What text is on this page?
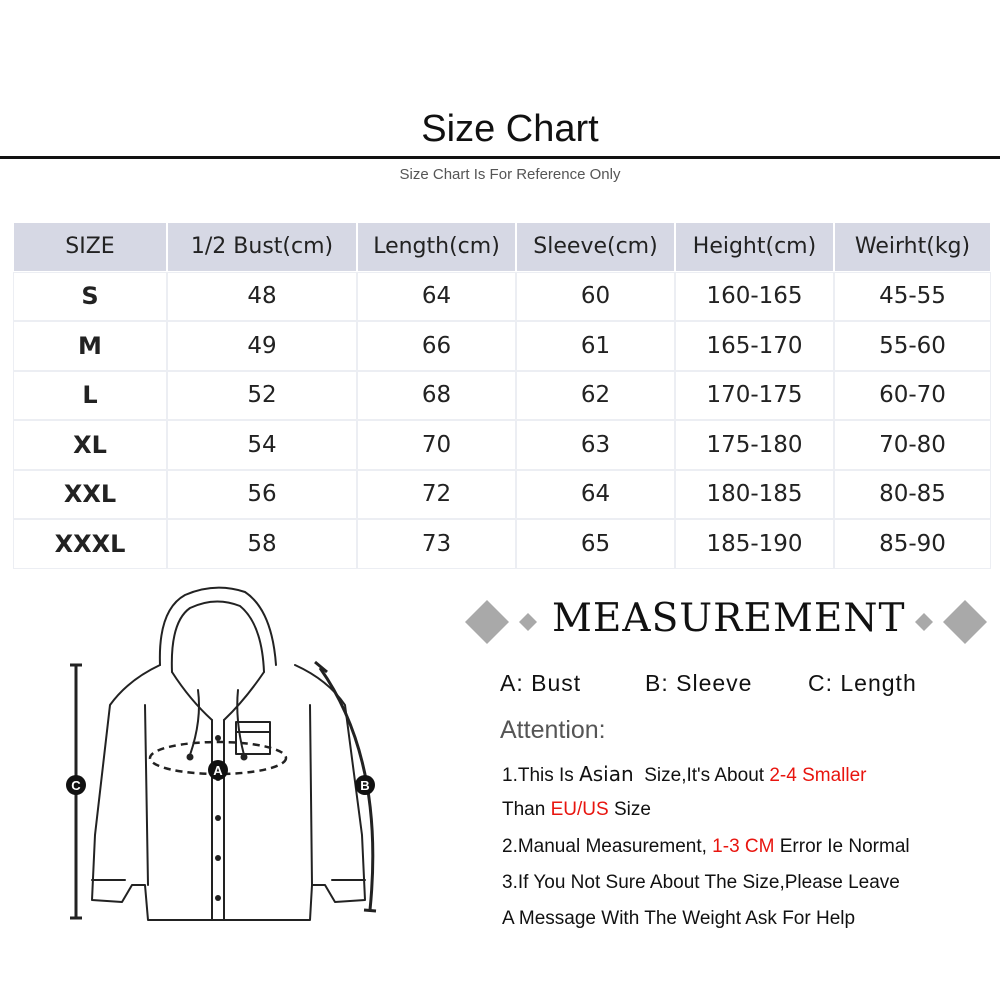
Size Chart
Size Chart Is For Reference Only
SIZE	1/2 Bust(cm)	Length(cm)	Sleeve(cm)	Height(cm)	Weirht(kg)
S	48	64	60	160-165	45-55
M	49	66	61	165-170	55-60
L	52	68	62	170-175	60-70
XL	54	70	63	175-180	70-80
XXL	56	72	64	180-185	80-85
XXXL	58	73	65	185-190	85-90
A
C	B
MEASUREMENT
A: Bust	B: Sleeve C: Length
Attention:
1.This Is Asian  Size,It's About 2-4 Smaller
Than EU/US Size
2.Manual Measurement, 1-3 CM Error Ie Normal
3.If You Not Sure About The Size,Please Leave
A Message With The Weight Ask For Help
